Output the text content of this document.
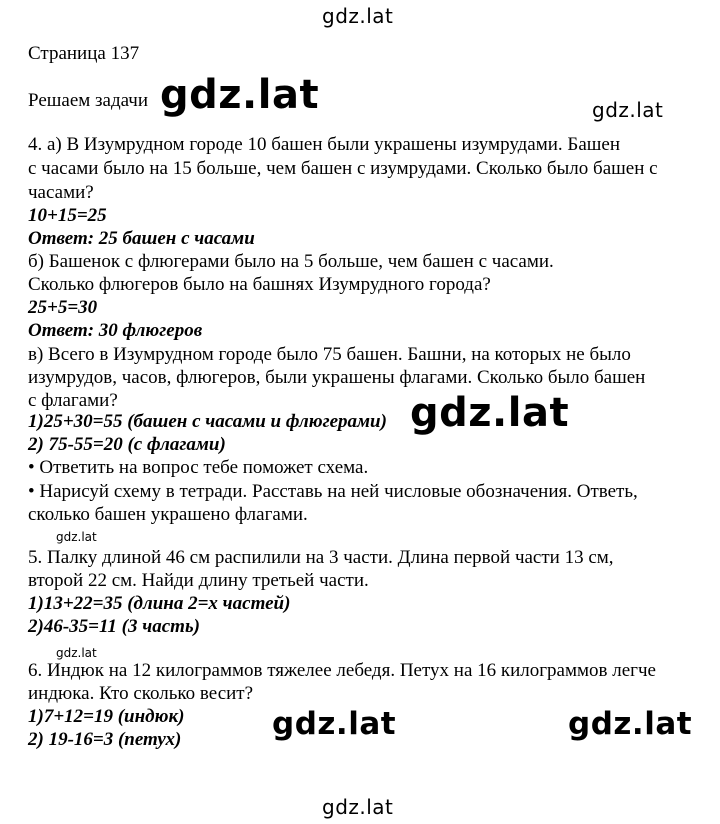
gdz.lat
gdz.lat	gdz.lat
gdz.lat
gdz.lat
gdz.lat
gdz.lat	gdz.lat
gdz.lat
Страница 137
Решаем задачи
4. а) В Изумрудном городе 10 башен были украшены изумрудами. Башен
с часами было на 15 больше, чем башен с изумрудами. Сколько было башен с
часами?
10+15=25
Ответ: 25 башен с часами
б) Башенок с флюгерами было на 5 больше, чем башен с часами.
Сколько флюгеров было на башнях Изумрудного города?
25+5=30
Ответ: 30 флюгеров
в) Всего в Изумрудном городе было 75 башен. Башни, на которых не было
изумрудов, часов, флюгеров, были украшены флагами. Сколько было башен
с флагами?
1)25+30=55 (башен с часами и флюгерами)
2) 75-55=20 (с флагами)
• Ответить на вопрос тебе поможет схема.
• Нарисуй схему в тетради. Расставь на ней числовые обозначения. Ответь,
сколько башен украшено флагами.
5. Палку длиной 46 см распилили на 3 части. Длина первой части 13 см,
второй 22 см. Найди длину третьей части.
1)13+22=35 (длина 2=x частей)
2)46-35=11 (3 часть)
6. Индюк на 12 килограммов тяжелее лебедя. Петух на 16 килограммов легче
индюка. Кто сколько весит?
1)7+12=19 (индюк)
2) 19-16=3 (петух)
